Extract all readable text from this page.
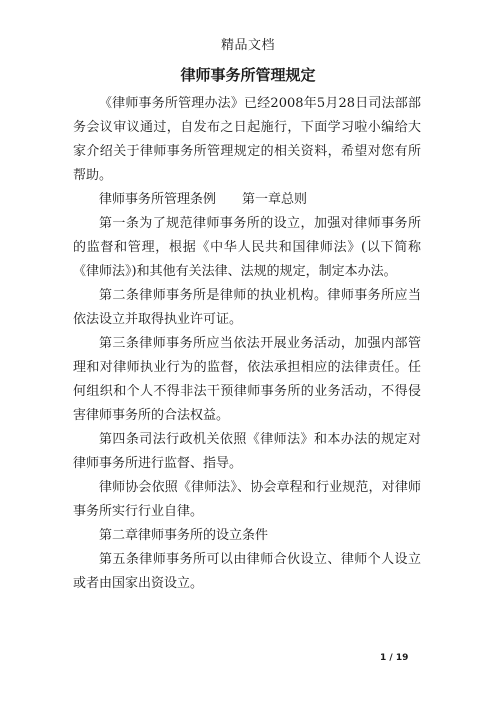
精品文档
律师事务所管理规定

《律师事务所管理办法》已经2008年5月28日司法部部务会议审议通过，自发布之日起施行，下面学习啦小编给大家介绍关于律师事务所管理规定的相关资料，希望对您有所帮助。

律师事务所管理条例 第一章总则

第一条为了规范律师事务所的设立，加强对律师事务所的监督和管理，根据《中华人民共和国律师法》(以下简称《律师法》)和其他有关法律、法规的规定，制定本办法。

第二条律师事务所是律师的执业机构。律师事务所应当依法设立并取得执业许可证。

第三条律师事务所应当依法开展业务活动，加强内部管理和对律师执业行为的监督，依法承担相应的法律责任。任何组织和个人不得非法干预律师事务所的业务活动，不得侵害律师事务所的合法权益。

第四条司法行政机关依照《律师法》和本办法的规定对律师事务所进行监督、指导。

律师协会依照《律师法》、协会章程和行业规范，对律师事务所实行行业自律。

第二章律师事务所的设立条件

第五条律师事务所可以由律师合伙设立、律师个人设立或者由国家出资设立。

1 / 19
